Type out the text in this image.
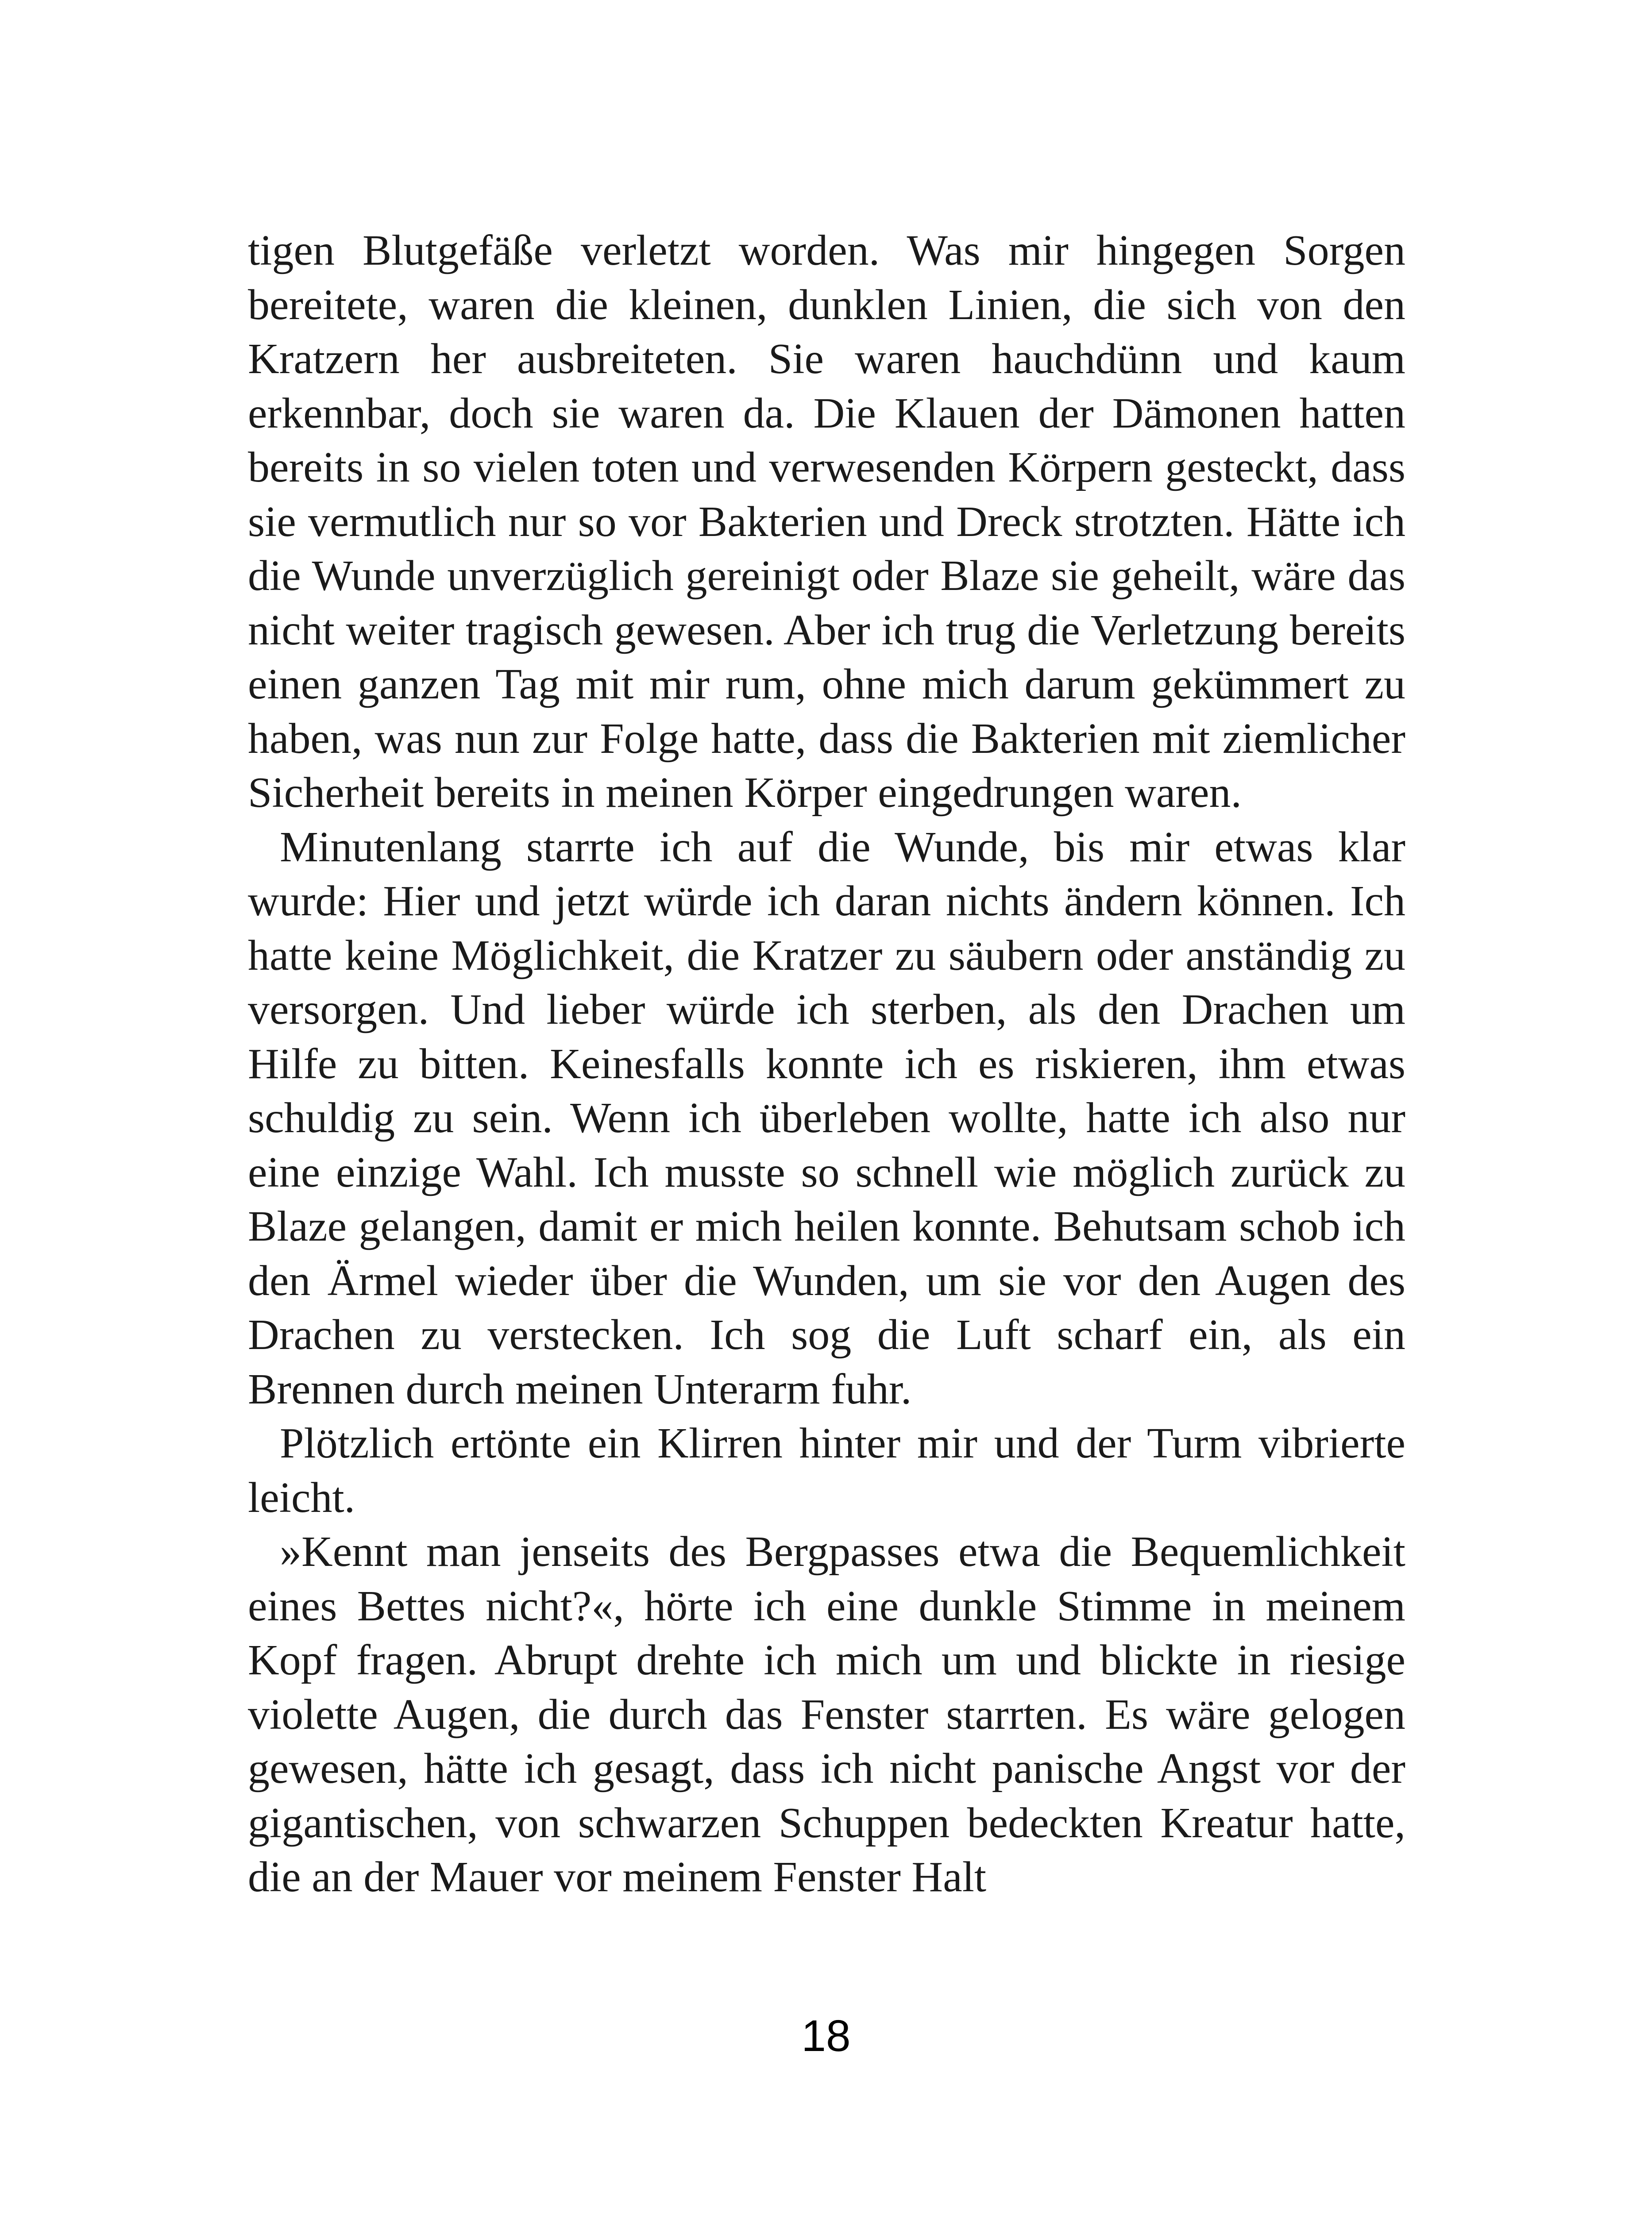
tigen Blutgefäße verletzt worden. Was mir hingegen Sorgen bereitete, waren die kleinen, dunklen Linien, die sich von den Kratzern her ausbreiteten. Sie waren hauchdünn und kaum erkennbar, doch sie waren da. Die Klauen der Dämonen hatten bereits in so vielen toten und verwesenden Körpern gesteckt, dass sie vermutlich nur so vor Bakterien und Dreck strotzten. Hätte ich die Wunde unverzüglich gereinigt oder Blaze sie geheilt, wäre das nicht weiter tragisch gewesen. Aber ich trug die Verletzung bereits einen ganzen Tag mit mir rum, ohne mich darum gekümmert zu haben, was nun zur Folge hatte, dass die Bakterien mit ziemlicher Sicherheit bereits in meinen Körper eingedrungen waren.

Minutenlang starrte ich auf die Wunde, bis mir etwas klar wurde: Hier und jetzt würde ich daran nichts ändern können. Ich hatte keine Möglichkeit, die Kratzer zu säubern oder anständig zu versorgen. Und lieber würde ich sterben, als den Drachen um Hilfe zu bitten. Keinesfalls konnte ich es riskieren, ihm etwas schuldig zu sein. Wenn ich überleben wollte, hatte ich also nur eine einzige Wahl. Ich musste so schnell wie möglich zurück zu Blaze gelangen, damit er mich heilen konnte. Behutsam schob ich den Ärmel wieder über die Wunden, um sie vor den Augen des Drachen zu verstecken. Ich sog die Luft scharf ein, als ein Brennen durch meinen Unterarm fuhr.

Plötzlich ertönte ein Klirren hinter mir und der Turm vibrierte leicht.

»Kennt man jenseits des Bergpasses etwa die Bequemlichkeit eines Bettes nicht?«, hörte ich eine dunkle Stimme in meinem Kopf fragen. Abrupt drehte ich mich um und blickte in riesige violette Augen, die durch das Fenster starrten. Es wäre gelogen gewesen, hätte ich gesagt, dass ich nicht panische Angst vor der gigantischen, von schwarzen Schuppen bedeckten Kreatur hatte, die an der Mauer vor meinem Fenster Halt

18
